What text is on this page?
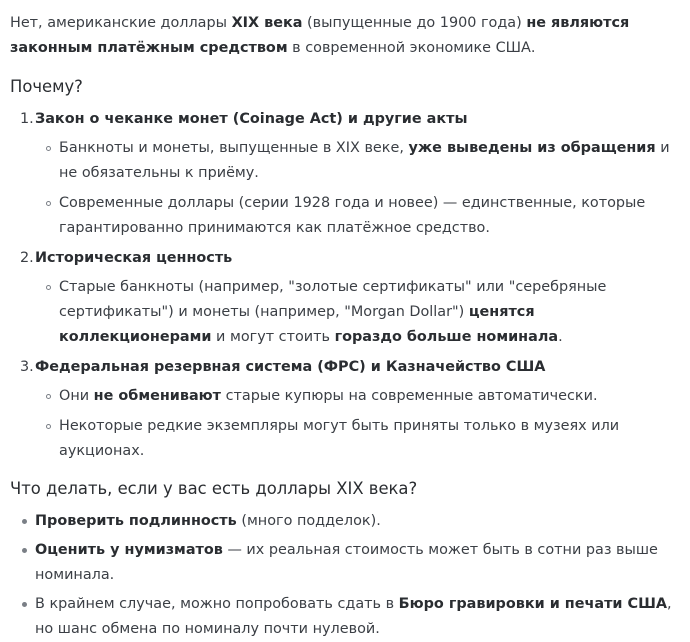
Нет, американские доллары XIX века (выпущенные до 1900 года) не являются законным платёжным средством в современной экономике США.

Почему?
1. Закон о чеканке монет (Coinage Act) и другие акты
Банкноты и монеты, выпущенные в XIX веке, уже выведены из обращения и не обязательны к приёму.
Современные доллары (серии 1928 года и новее) — единственные, которые гарантированно принимаются как платёжное средство.
2. Историческая ценность
Старые банкноты (например, "золотые сертификаты" или "серебряные сертификаты") и монеты (например, "Morgan Dollar") ценятся коллекционерами и могут стоить гораздо больше номинала.
3. Федеральная резервная система (ФРС) и Казначейство США
Они не обменивают старые купюры на современные автоматически.
Некоторые редкие экземпляры могут быть приняты только в музеях или аукционах.
Что делать, если у вас есть доллары XIX века?
Проверить подлинность (много подделок).
Оценить у нумизматов — их реальная стоимость может быть в сотни раз выше номинала.
В крайнем случае, можно попробовать сдать в Бюро гравировки и печати США, но шанс обмена по номиналу почти нулевой.
